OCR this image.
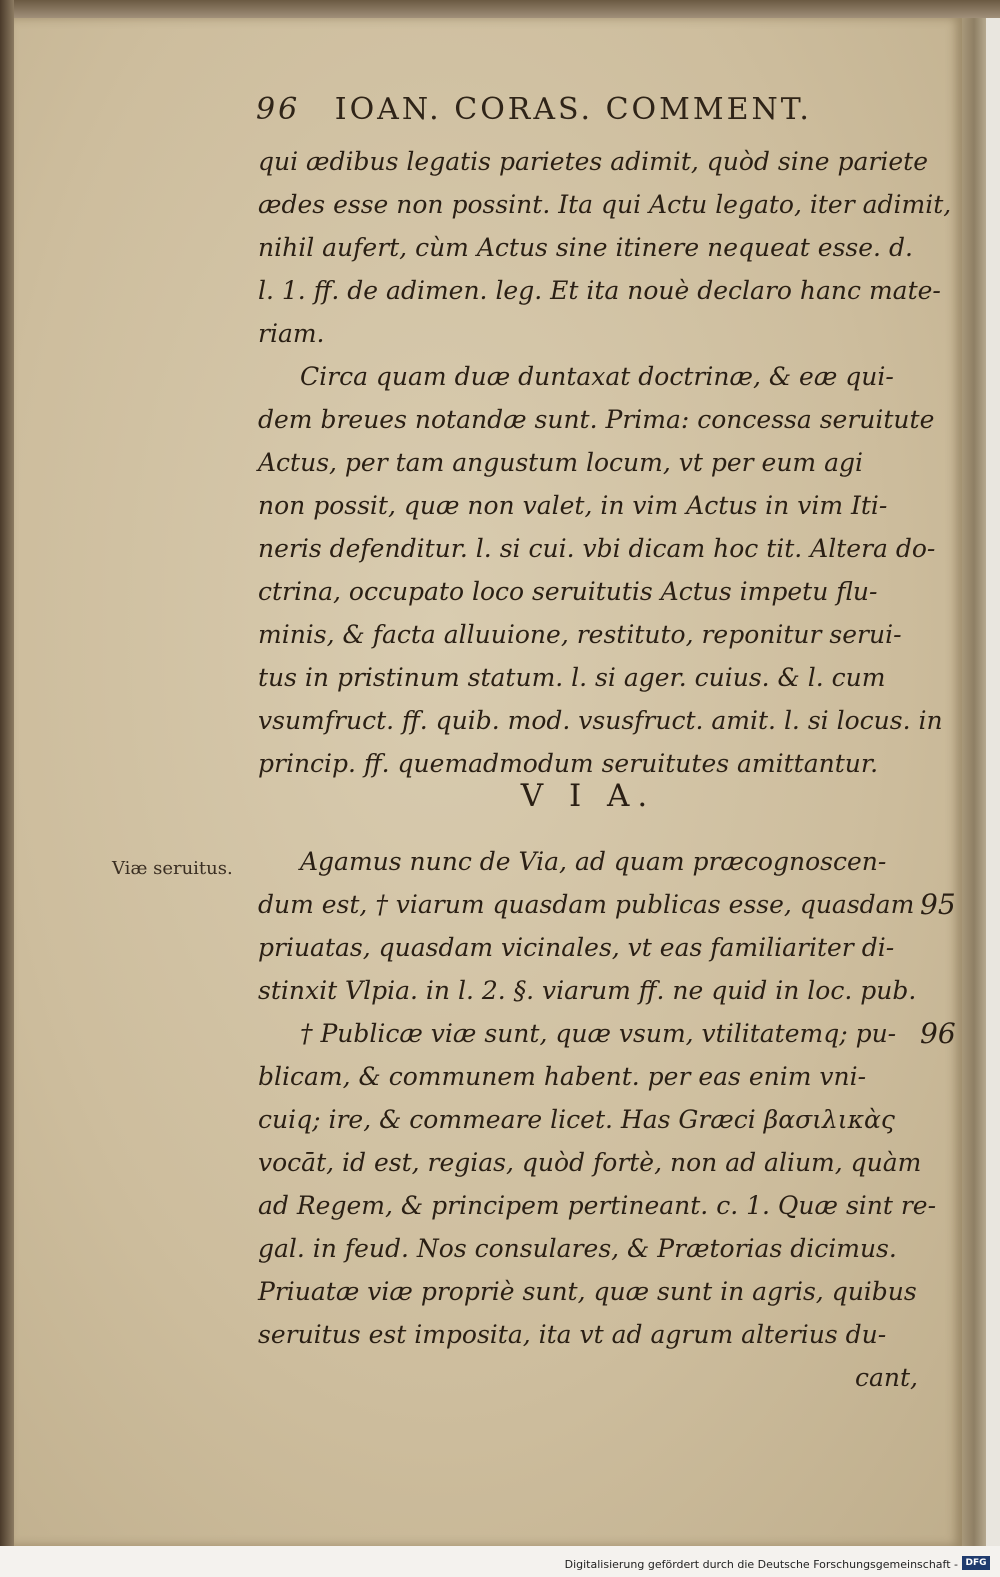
96 IOAN. CORAS. COMMENT.
qui ædibus legatis parietes adimit, quòd sine pariete
ædes esse non possint. Ita qui Actu legato, iter adimit,
nihil aufert, cùm Actus sine itinere nequeat esse. d.
l. 1. ff. de adimen. leg. Et ita nouè declaro hanc mate-
riam.
Circa quam duæ duntaxat doctrinæ, & eæ qui-
dem breues notandæ sunt. Prima: concessa seruitute
Actus, per tam angustum locum, vt per eum agi
non possit, quæ non valet, in vim Actus in vim Iti-
neris defenditur. l. si cui. vbi dicam hoc tit. Altera do-
ctrina, occupato loco seruitutis Actus impetu flu-
minis, & facta alluuione, restituto, reponitur serui-
tus in pristinum statum. l. si ager. cuius. & l. cum
vsumfruct. ff. quib. mod. vsusfruct. amit. l. si locus. in
princip. ff. quemadmodum seruitutes amittantur.
V I A.
Viæ seruitus.
95
96
Agamus nunc de Via, ad quam præcognoscen-
dum est, † viarum quasdam publicas esse, quasdam
priuatas, quasdam vicinales, vt eas familiariter di-
stinxit Vlpia. in l. 2. §. viarum ff. ne quid in loc. pub.
† Publicæ viæ sunt, quæ vsum, vtilitatemq; pu-
blicam, & communem habent. per eas enim vni-
cuiq; ire, & commeare licet. Has Græci βασιλικὰς
vocāt, id est, regias, quòd fortè, non ad alium, quàm
ad Regem, & principem pertineant. c. 1. Quæ sint re-
gal. in feud. Nos consulares, & Prætorias dicimus.
Priuatæ viæ propriè sunt, quæ sunt in agris, quibus
seruitus est imposita, ita vt ad agrum alterius du-
cant,
Digitalisierung gefördert durch die Deutsche Forschungsgemeinschaft - DFG
